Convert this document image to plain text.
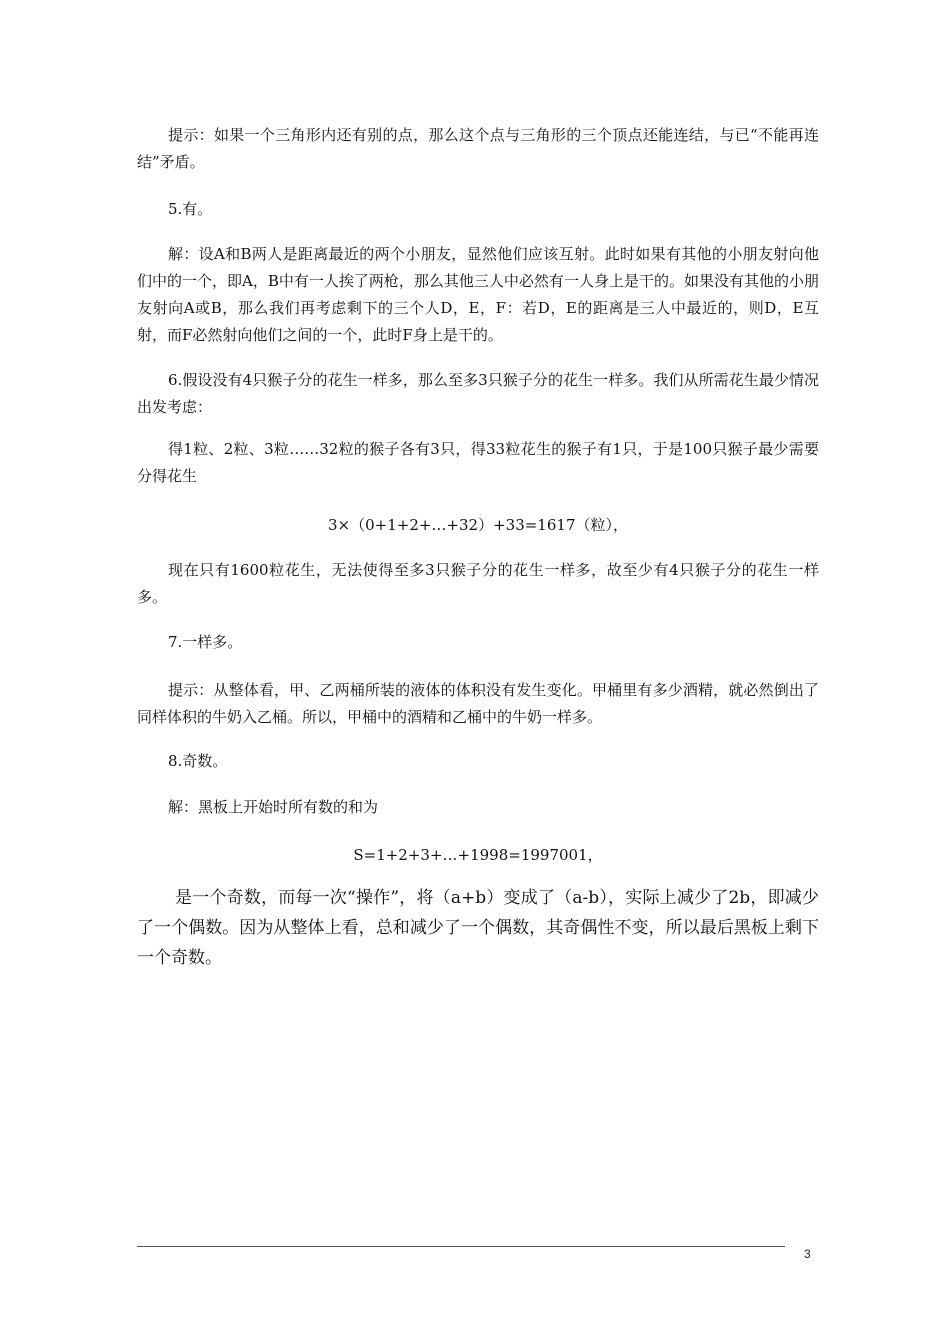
提示：如果一个三角形内还有别的点，那么这个点与三角形的三个顶点还能连结，与已“不能再连结”矛盾。

5.有。

解：设A和B两人是距离最近的两个小朋友，显然他们应该互射。此时如果有其他的小朋友射向他们中的一个，即A，B中有一人挨了两枪，那么其他三人中必然有一人身上是干的。如果没有其他的小朋友射向A或B，那么我们再考虑剩下的三个人D，E，F：若D，E的距离是三人中最近的，则D，E互射，而F必然射向他们之间的一个，此时F身上是干的。

6.假设没有4只猴子分的花生一样多，那么至多3只猴子分的花生一样多。我们从所需花生最少情况出发考虑：

得1粒、2粒、3粒……32粒的猴子各有3只，得33粒花生的猴子有1只，于是100只猴子最少需要分得花生

3×（0+1+2+…+32）+33=1617（粒），

现在只有1600粒花生，无法使得至多3只猴子分的花生一样多，故至少有4只猴子分的花生一样多。

7.一样多。

提示：从整体看，甲、乙两桶所装的液体的体积没有发生变化。甲桶里有多少酒精，就必然倒出了同样体积的牛奶入乙桶。所以，甲桶中的酒精和乙桶中的牛奶一样多。

8.奇数。

解：黑板上开始时所有数的和为

S=1+2+3+…+1998=1997001，

是一个奇数，而每一次“操作”，将（a+b）变成了（a-b），实际上减少了2b，即减少了一个偶数。因为从整体上看，总和减少了一个偶数，其奇偶性不变，所以最后黑板上剩下一个奇数。

3
